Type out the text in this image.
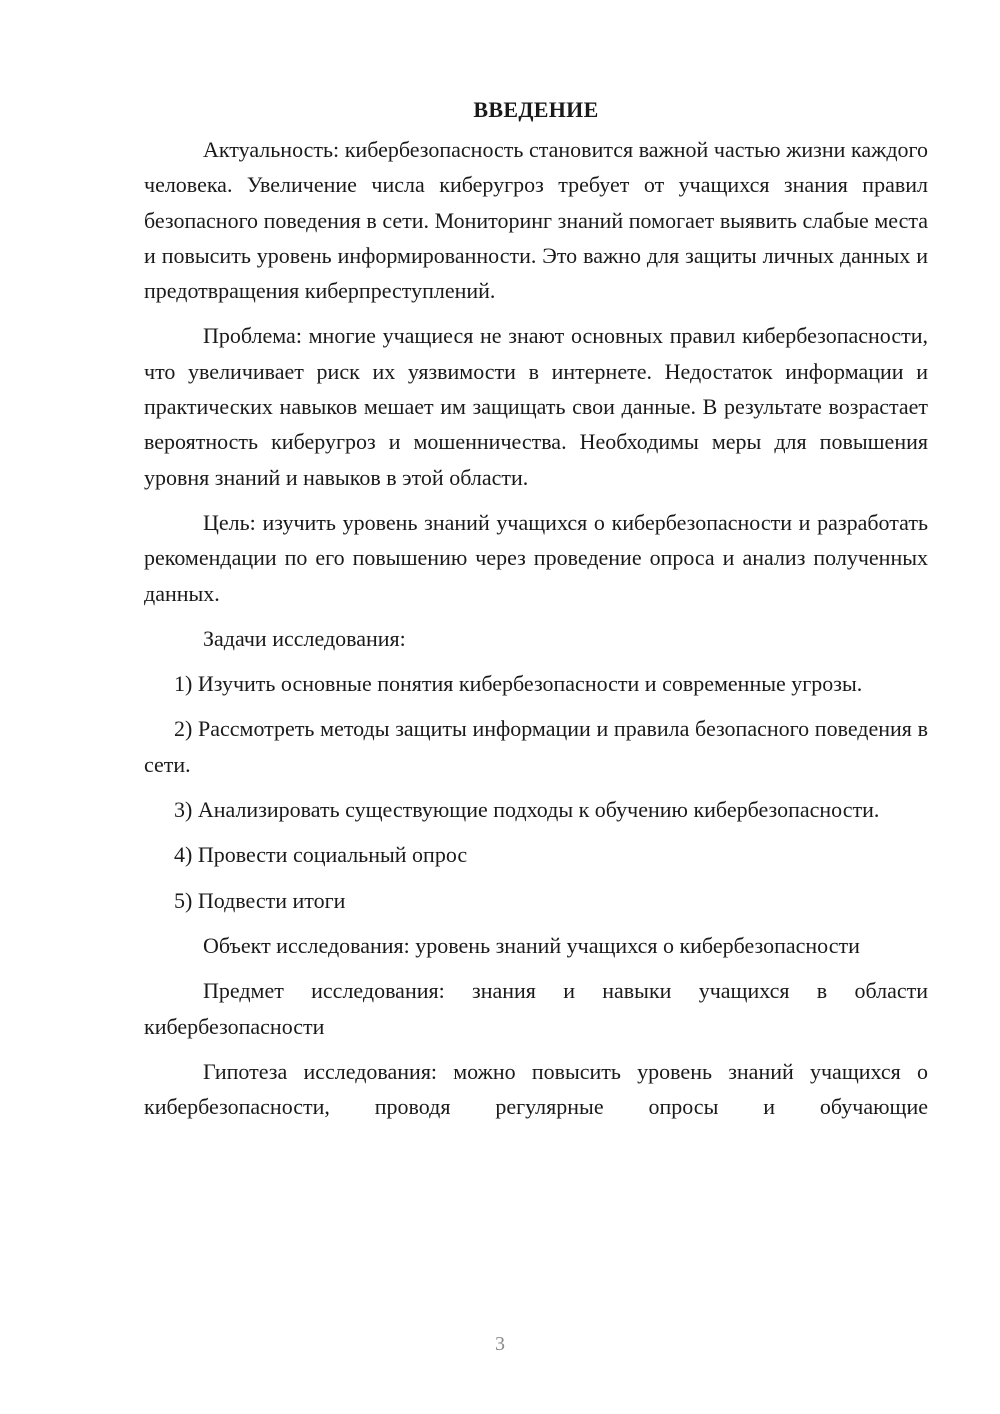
ВВЕДЕНИЕ

Актуальность: кибербезопасность становится важной частью жизни каждого человека. Увеличение числа киберугроз требует от учащихся знания правил безопасного поведения в сети. Мониторинг знаний помогает выявить слабые места и повысить уровень информированности. Это важно для защиты личных данных и предотвращения киберпреступлений.

Проблема: многие учащиеся не знают основных правил кибербезопасности, что увеличивает риск их уязвимости в интернете. Недостаток информации и практических навыков мешает им защищать свои данные. В результате возрастает вероятность киберугроз и мошенничества. Необходимы меры для повышения уровня знаний и навыков в этой области.

Цель: изучить уровень знаний учащихся о кибербезопасности и разработать рекомендации по его повышению через проведение опроса и анализ полученных данных.

Задачи исследования:

1) Изучить основные понятия кибербезопасности и современные угрозы.

2) Рассмотреть методы защиты информации и правила безопасного поведения в сети.

3) Анализировать существующие подходы к обучению кибербезопасности.

4) Провести социальный опрос

5) Подвести итоги

Объект исследования: уровень знаний учащихся о кибербезопасности

Предмет исследования: знания и навыки учащихся в области кибербезопасности

Гипотеза исследования: можно повысить уровень знаний учащихся о кибербезопасности, проводя регулярные опросы и обучающие

3
